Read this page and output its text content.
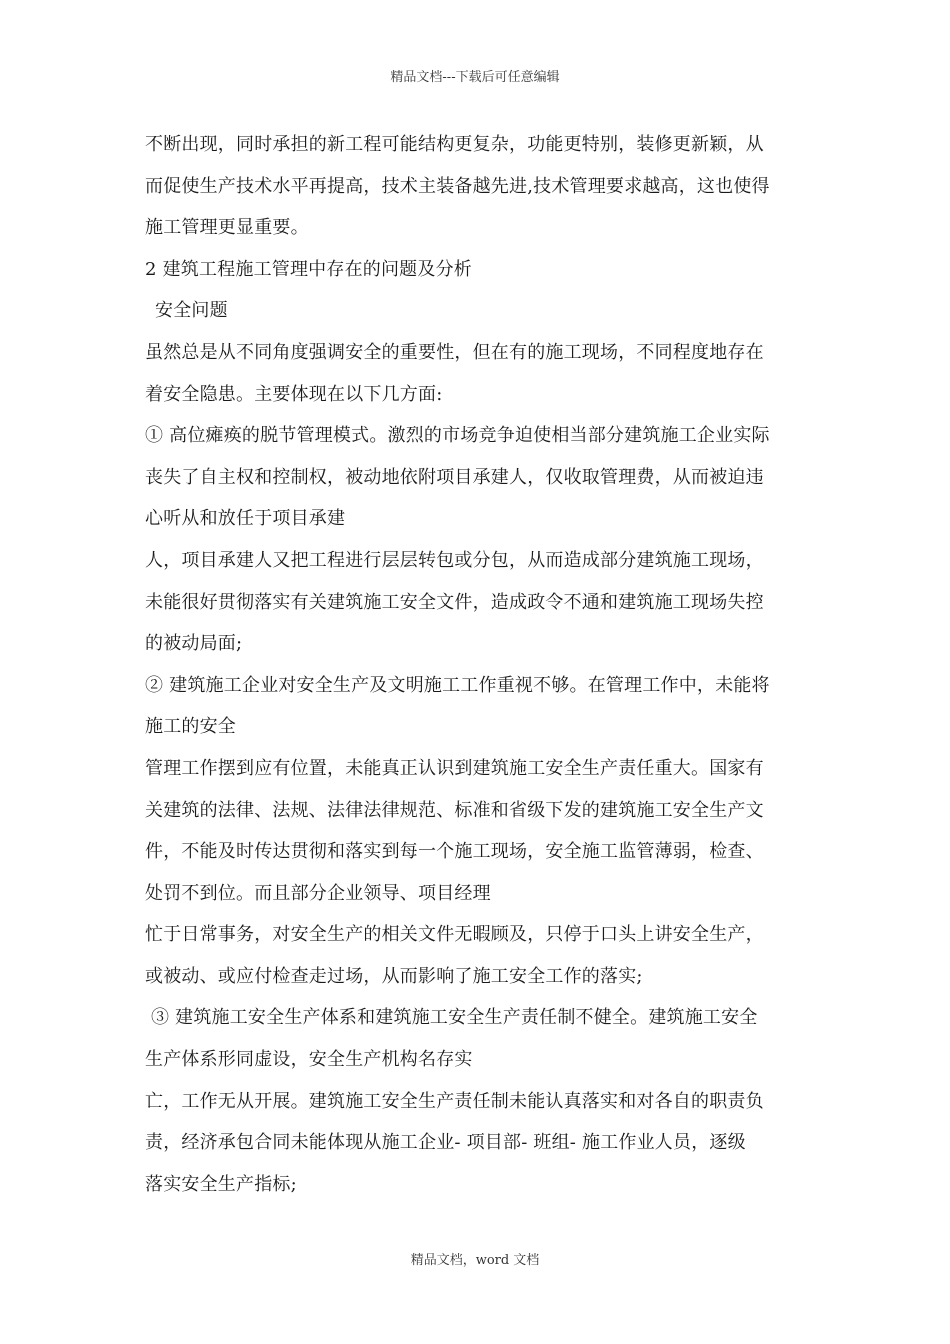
精品文档---下载后可任意编辑
不断出现，同时承担的新工程可能结构更复杂，功能更特别，装修更新颖，从
而促使生产技术水平再提高，技术主装备越先进,技术管理要求越高，这也使得
施工管理更显重要。
2 建筑工程施工管理中存在的问题及分析
安全问题
虽然总是从不同角度强调安全的重要性，但在有的施工现场，不同程度地存在
着安全隐患。主要体现在以下几方面:
① 高位瘫痪的脱节管理模式。激烈的市场竞争迫使相当部分建筑施工企业实际
丧失了自主权和控制权，被动地依附项目承建人，仅收取管理费，从而被迫违
心听从和放任于项目承建
人，项目承建人又把工程进行层层转包或分包，从而造成部分建筑施工现场，
未能很好贯彻落实有关建筑施工安全文件，造成政令不通和建筑施工现场失控
的被动局面;
② 建筑施工企业对安全生产及文明施工工作重视不够。在管理工作中，未能将
施工的安全
管理工作摆到应有位置，未能真正认识到建筑施工安全生产责任重大。国家有
关建筑的法律、法规、法律法律规范、标准和省级下发的建筑施工安全生产文
件，不能及时传达贯彻和落实到每一个施工现场，安全施工监管薄弱，检查、
处罚不到位。而且部分企业领导、项目经理
忙于日常事务，对安全生产的相关文件无暇顾及，只停于口头上讲安全生产，
或被动、或应付检查走过场，从而影响了施工安全工作的落实;
③ 建筑施工安全生产体系和建筑施工安全生产责任制不健全。建筑施工安全
生产体系形同虚设，安全生产机构名存实
亡，工作无从开展。建筑施工安全生产责任制未能认真落实和对各自的职责负
责，经济承包合同未能体现从施工企业- 项目部- 班组- 施工作业人员，逐级
落实安全生产指标;
精品文档，word 文档
